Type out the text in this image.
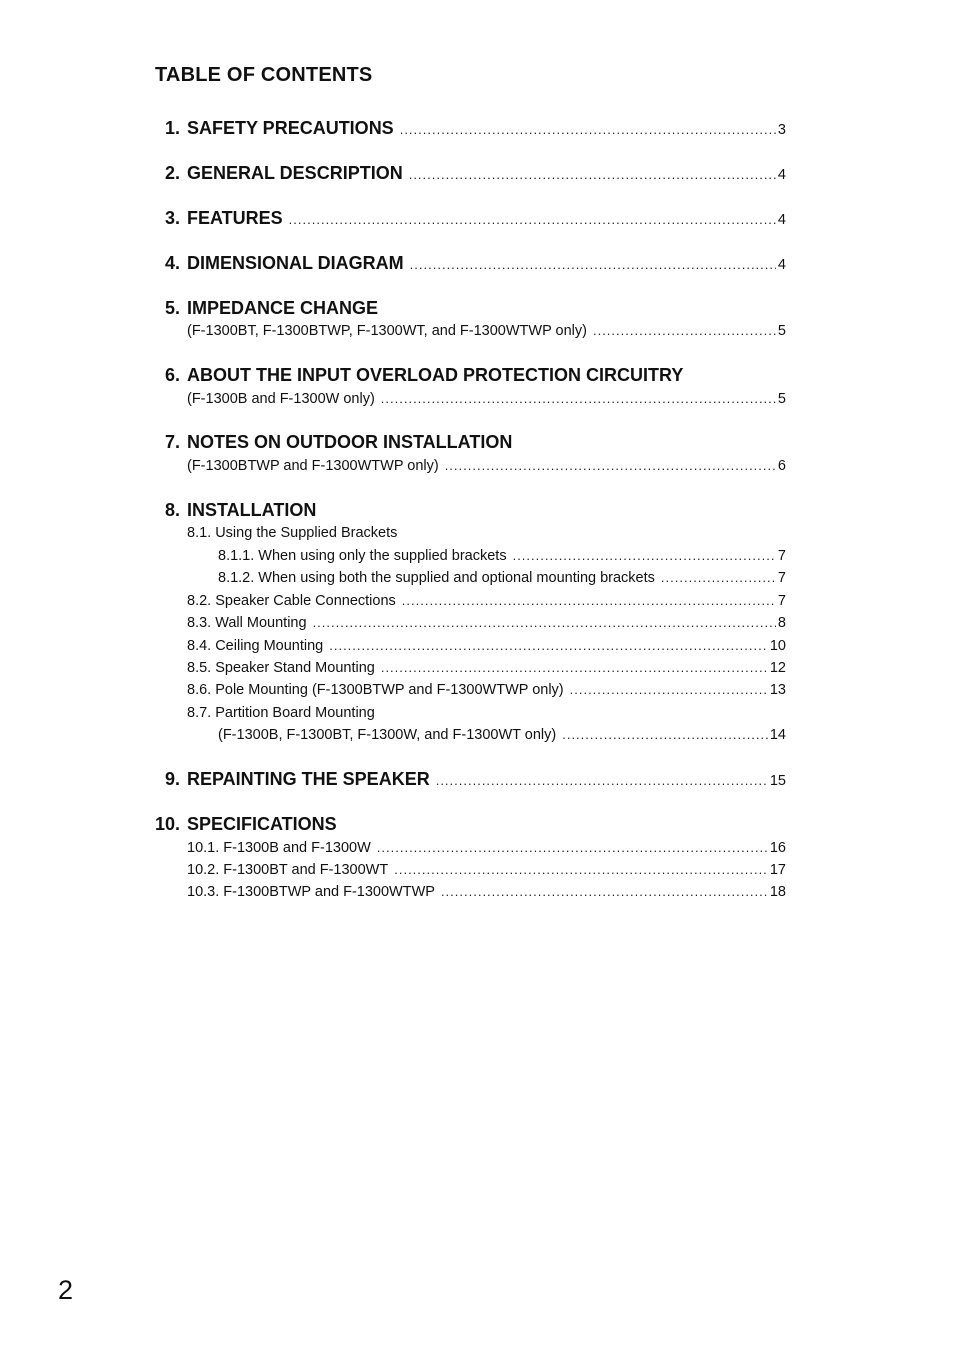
TABLE OF CONTENTS
1. SAFETY PRECAUTIONS .....	3
2. GENERAL DESCRIPTION .....	4
3. FEATURES .....	4
4. DIMENSIONAL DIAGRAM .....	4
5. IMPEDANCE CHANGE
(F-1300BT, F-1300BTWP, F-1300WT, and F-1300WTWP only) .....	5
6. ABOUT THE INPUT OVERLOAD PROTECTION CIRCUITRY
(F-1300B and F-1300W only) .....	5
7. NOTES ON OUTDOOR INSTALLATION
(F-1300BTWP and F-1300WTWP only) .....	6
8. INSTALLATION
8.1. Using the Supplied Brackets
8.1.1. When using only the supplied brackets .....	7
8.1.2. When using both the supplied and optional mounting brackets .....	7
8.2. Speaker Cable Connections .....	7
8.3. Wall Mounting .....	8
8.4. Ceiling Mounting .....	10
8.5. Speaker Stand Mounting .....	12
8.6. Pole Mounting (F-1300BTWP and F-1300WTWP only) .....	13
8.7. Partition Board Mounting
(F-1300B, F-1300BT, F-1300W, and F-1300WT only) .....	14
9. REPAINTING THE SPEAKER .....	15
10. SPECIFICATIONS
10.1. F-1300B and F-1300W .....	16
10.2. F-1300BT and F-1300WT .....	17
10.3. F-1300BTWP and F-1300WTWP .....	18
2
